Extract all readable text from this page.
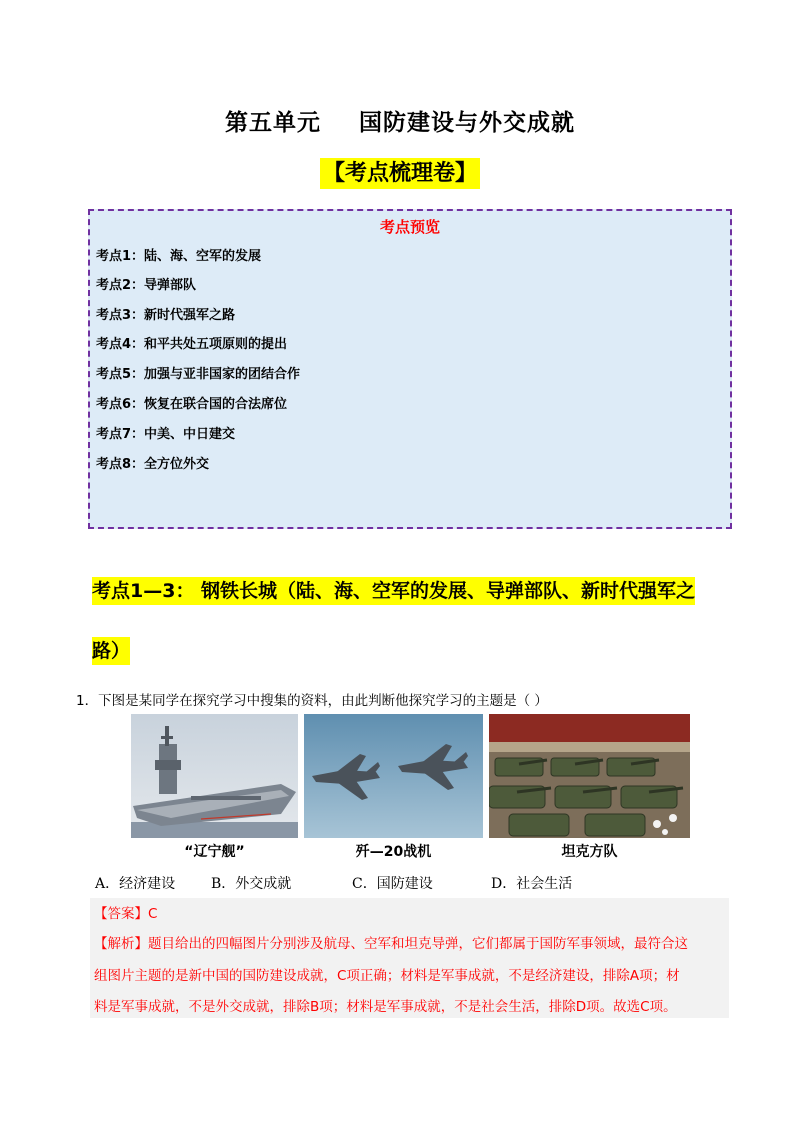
第五单元 国防建设与外交成就
【考点梳理卷】
考点预览
考点1：陆、海、空军的发展
考点2：导弹部队
考点3：新时代强军之路
考点4：和平共处五项原则的提出
考点5：加强与亚非国家的团结合作
考点6：恢复在联合国的合法席位
考点7：中美、中日建交
考点8：全方位外交
考点1—3： 钢铁长城（陆、海、空军的发展、导弹部队、新时代强军之
路）
1．下图是某同学在探究学习中搜集的资料，由此判断他探究学习的主题是（ ）
“辽宁舰”	歼—20战机	坦克方队
A．经济建设	B．外交成就	C．国防建设	D．社会生活
【答案】C
【解析】题目给出的四幅图片分别涉及航母、空军和坦克导弹，它们都属于国防军事领域，最符合这
组图片主题的是新中国的国防建设成就，C项正确；材料是军事成就，不是经济建设，排除A项；材
料是军事成就，不是外交成就，排除B项；材料是军事成就，不是社会生活，排除D项。故选C项。
